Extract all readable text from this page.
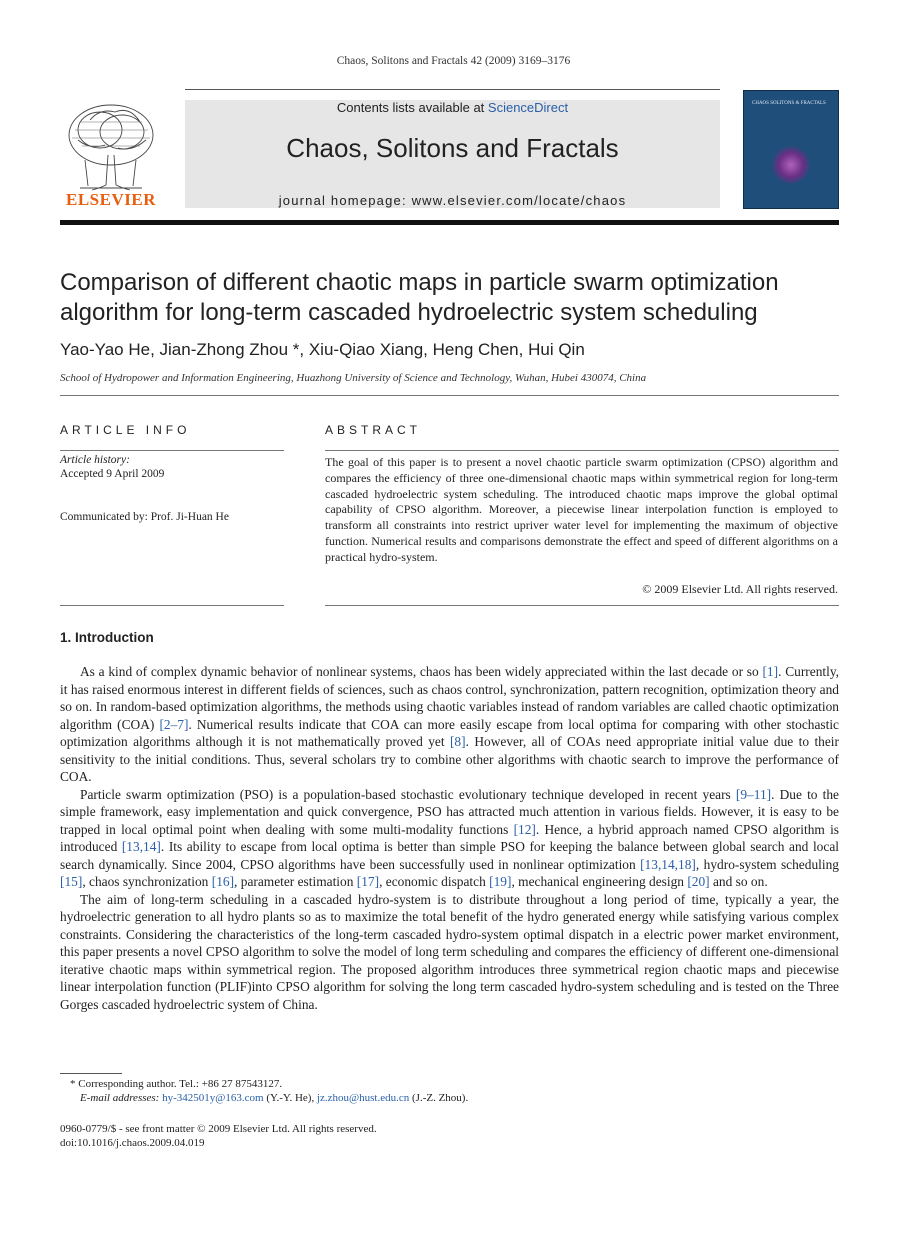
Chaos, Solitons and Fractals 42 (2009) 3169–3176
ELSEVIER
Contents lists available at ScienceDirect
Chaos, Solitons and Fractals
journal homepage: www.elsevier.com/locate/chaos
CHAOS SOLITONS & FRACTALS
Comparison of different chaotic maps in particle swarm optimization algorithm for long-term cascaded hydroelectric system scheduling
Yao-Yao He, Jian-Zhong Zhou *, Xiu-Qiao Xiang, Heng Chen, Hui Qin
School of Hydropower and Information Engineering, Huazhong University of Science and Technology, Wuhan, Hubei 430074, China
ARTICLE INFO	ABSTRACT
Article history:
Accepted 9 April 2009
Communicated by: Prof. Ji-Huan He
The goal of this paper is to present a novel chaotic particle swarm optimization (CPSO) algorithm and compares the efficiency of three one-dimensional chaotic maps within symmetrical region for long-term cascaded hydroelectric system scheduling. The introduced chaotic maps improve the global optimal capability of CPSO algorithm. Moreover, a piecewise linear interpolation function is employed to transform all constraints into restrict upriver water level for implementing the maximum of objective function. Numerical results and comparisons demonstrate the effect and speed of different algorithms on a practical hydro-system.
© 2009 Elsevier Ltd. All rights reserved.
1. Introduction

As a kind of complex dynamic behavior of nonlinear systems, chaos has been widely appreciated within the last decade or so [1]. Currently, it has raised enormous interest in different fields of sciences, such as chaos control, synchronization, pattern recognition, optimization theory and so on. In random-based optimization algorithms, the methods using chaotic variables instead of random variables are called chaotic optimization algorithm (COA) [2–7]. Numerical results indicate that COA can more easily escape from local optima for comparing with other stochastic optimization algorithms although it is not mathematically proved yet [8]. However, all of COAs need appropriate initial value due to their sensitivity to the initial conditions. Thus, several scholars try to combine other algorithms with chaotic search to improve the performance of COA.

Particle swarm optimization (PSO) is a population-based stochastic evolutionary technique developed in recent years [9–11]. Due to the simple framework, easy implementation and quick convergence, PSO has attracted much attention in various fields. However, it is easy to be trapped in local optimal point when dealing with some multi-modality functions [12]. Hence, a hybrid approach named CPSO algorithm is introduced [13,14]. Its ability to escape from local optima is better than simple PSO for keeping the balance between global search and local search dynamically. Since 2004, CPSO algorithms have been successfully used in nonlinear optimization [13,14,18], hydro-system scheduling [15], chaos synchronization [16], parameter estimation [17], economic dispatch [19], mechanical engineering design [20] and so on.

The aim of long-term scheduling in a cascaded hydro-system is to distribute throughout a long period of time, typically a year, the hydroelectric generation to all hydro plants so as to maximize the total benefit of the hydro generated energy while satisfying various complex constraints. Considering the characteristics of the long-term cascaded hydro-system optimal dispatch in a electric power market environment, this paper presents a novel CPSO algorithm to solve the model of long term scheduling and compares the efficiency of different one-dimensional iterative chaotic maps within symmetrical region. The proposed algorithm introduces three symmetrical region chaotic maps and piecewise linear interpolation function (PLIF)into CPSO algorithm for solving the long term cascaded hydro-system scheduling and is tested on the Three Gorges cascaded hydroelectric system of China.

* Corresponding author. Tel.: +86 27 87543127.
E-mail addresses: hy-342501y@163.com (Y.-Y. He), jz.zhou@hust.edu.cn (J.-Z. Zhou).
0960-0779/$ - see front matter © 2009 Elsevier Ltd. All rights reserved.
doi:10.1016/j.chaos.2009.04.019
